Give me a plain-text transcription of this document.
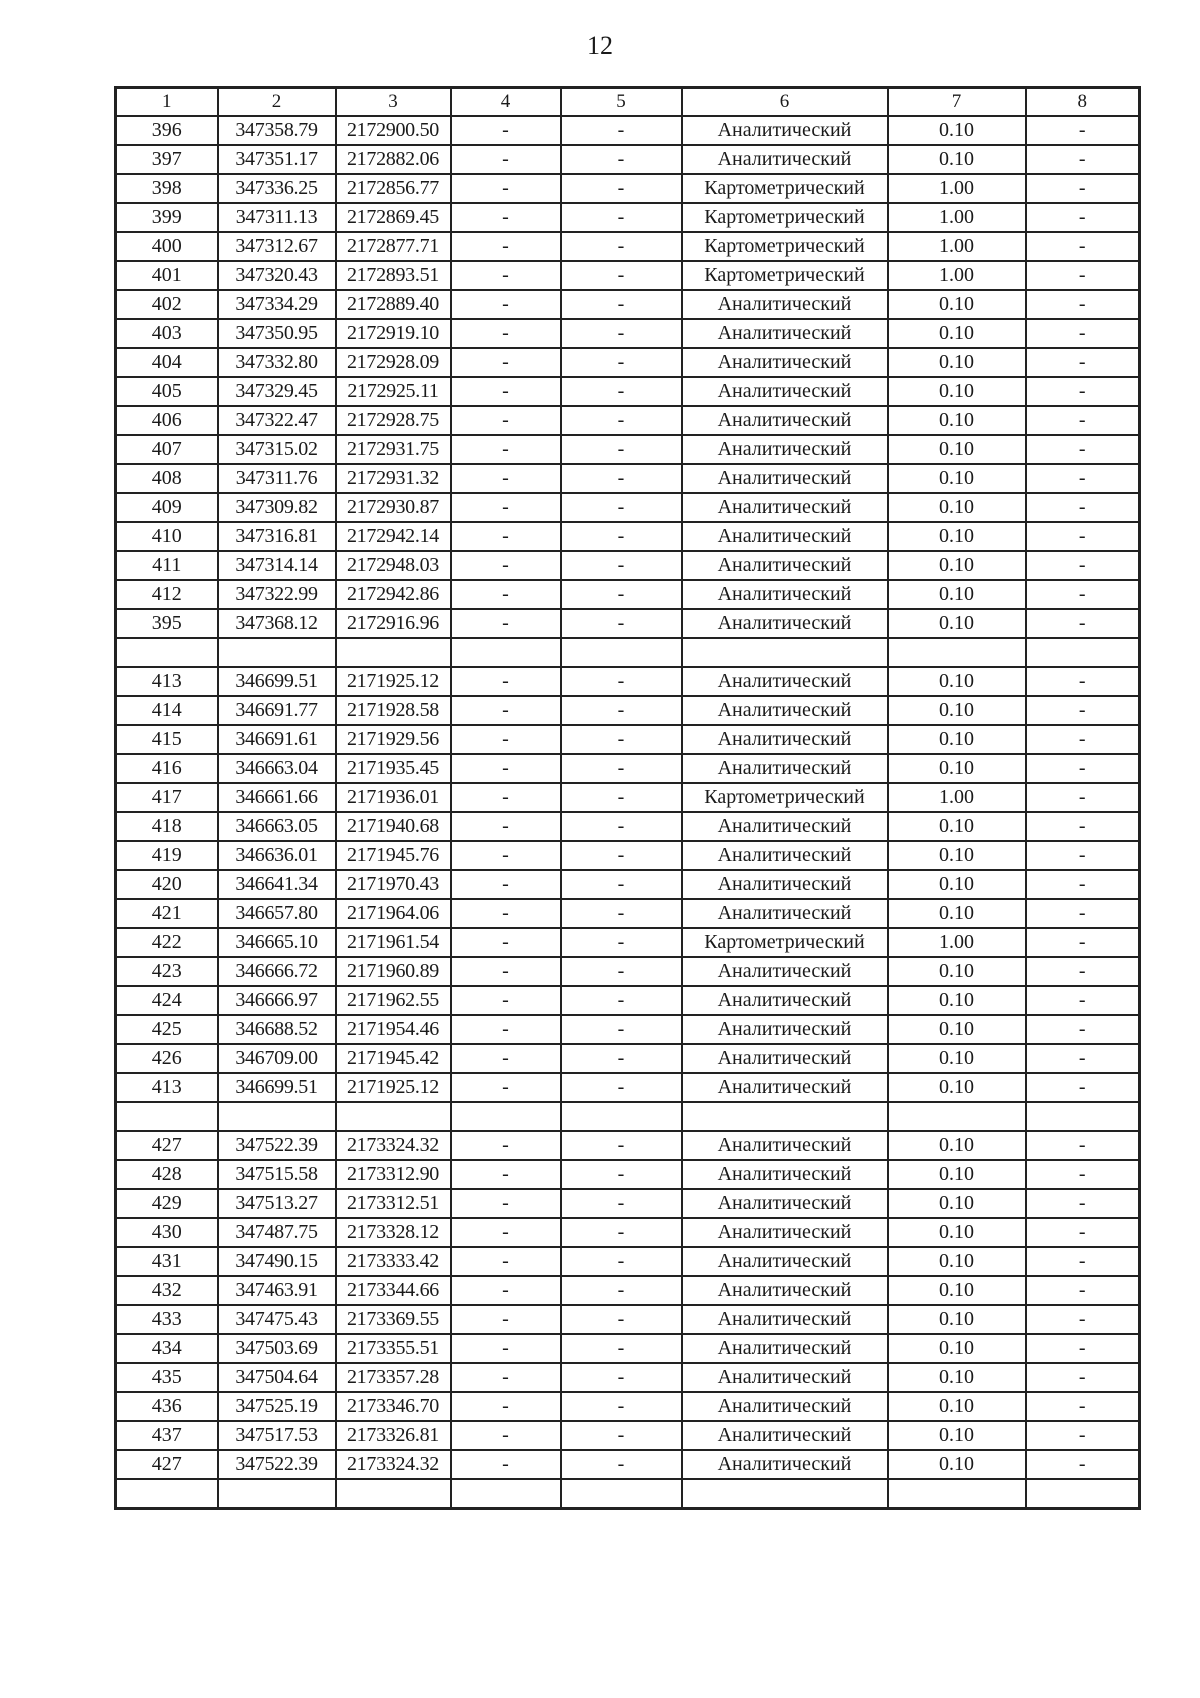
12
1	2	3	4	5	6	7	8
396	347358.79	2172900.50	-	-	Аналитический	0.10	-
397	347351.17	2172882.06	-	-	Аналитический	0.10	-
398	347336.25	2172856.77	-	-	Картометрический	1.00	-
399	347311.13	2172869.45	-	-	Картометрический	1.00	-
400	347312.67	2172877.71	-	-	Картометрический	1.00	-
401	347320.43	2172893.51	-	-	Картометрический	1.00	-
402	347334.29	2172889.40	-	-	Аналитический	0.10	-
403	347350.95	2172919.10	-	-	Аналитический	0.10	-
404	347332.80	2172928.09	-	-	Аналитический	0.10	-
405	347329.45	2172925.11	-	-	Аналитический	0.10	-
406	347322.47	2172928.75	-	-	Аналитический	0.10	-
407	347315.02	2172931.75	-	-	Аналитический	0.10	-
408	347311.76	2172931.32	-	-	Аналитический	0.10	-
409	347309.82	2172930.87	-	-	Аналитический	0.10	-
410	347316.81	2172942.14	-	-	Аналитический	0.10	-
411	347314.14	2172948.03	-	-	Аналитический	0.10	-
412	347322.99	2172942.86	-	-	Аналитический	0.10	-
395	347368.12	2172916.96	-	-	Аналитический	0.10	-

413	346699.51	2171925.12	-	-	Аналитический	0.10	-
414	346691.77	2171928.58	-	-	Аналитический	0.10	-
415	346691.61	2171929.56	-	-	Аналитический	0.10	-
416	346663.04	2171935.45	-	-	Аналитический	0.10	-
417	346661.66	2171936.01	-	-	Картометрический	1.00	-
418	346663.05	2171940.68	-	-	Аналитический	0.10	-
419	346636.01	2171945.76	-	-	Аналитический	0.10	-
420	346641.34	2171970.43	-	-	Аналитический	0.10	-
421	346657.80	2171964.06	-	-	Аналитический	0.10	-
422	346665.10	2171961.54	-	-	Картометрический	1.00	-
423	346666.72	2171960.89	-	-	Аналитический	0.10	-
424	346666.97	2171962.55	-	-	Аналитический	0.10	-
425	346688.52	2171954.46	-	-	Аналитический	0.10	-
426	346709.00	2171945.42	-	-	Аналитический	0.10	-
413	346699.51	2171925.12	-	-	Аналитический	0.10	-

427	347522.39	2173324.32	-	-	Аналитический	0.10	-
428	347515.58	2173312.90	-	-	Аналитический	0.10	-
429	347513.27	2173312.51	-	-	Аналитический	0.10	-
430	347487.75	2173328.12	-	-	Аналитический	0.10	-
431	347490.15	2173333.42	-	-	Аналитический	0.10	-
432	347463.91	2173344.66	-	-	Аналитический	0.10	-
433	347475.43	2173369.55	-	-	Аналитический	0.10	-
434	347503.69	2173355.51	-	-	Аналитический	0.10	-
435	347504.64	2173357.28	-	-	Аналитический	0.10	-
436	347525.19	2173346.70	-	-	Аналитический	0.10	-
437	347517.53	2173326.81	-	-	Аналитический	0.10	-
427	347522.39	2173324.32	-	-	Аналитический	0.10	-
